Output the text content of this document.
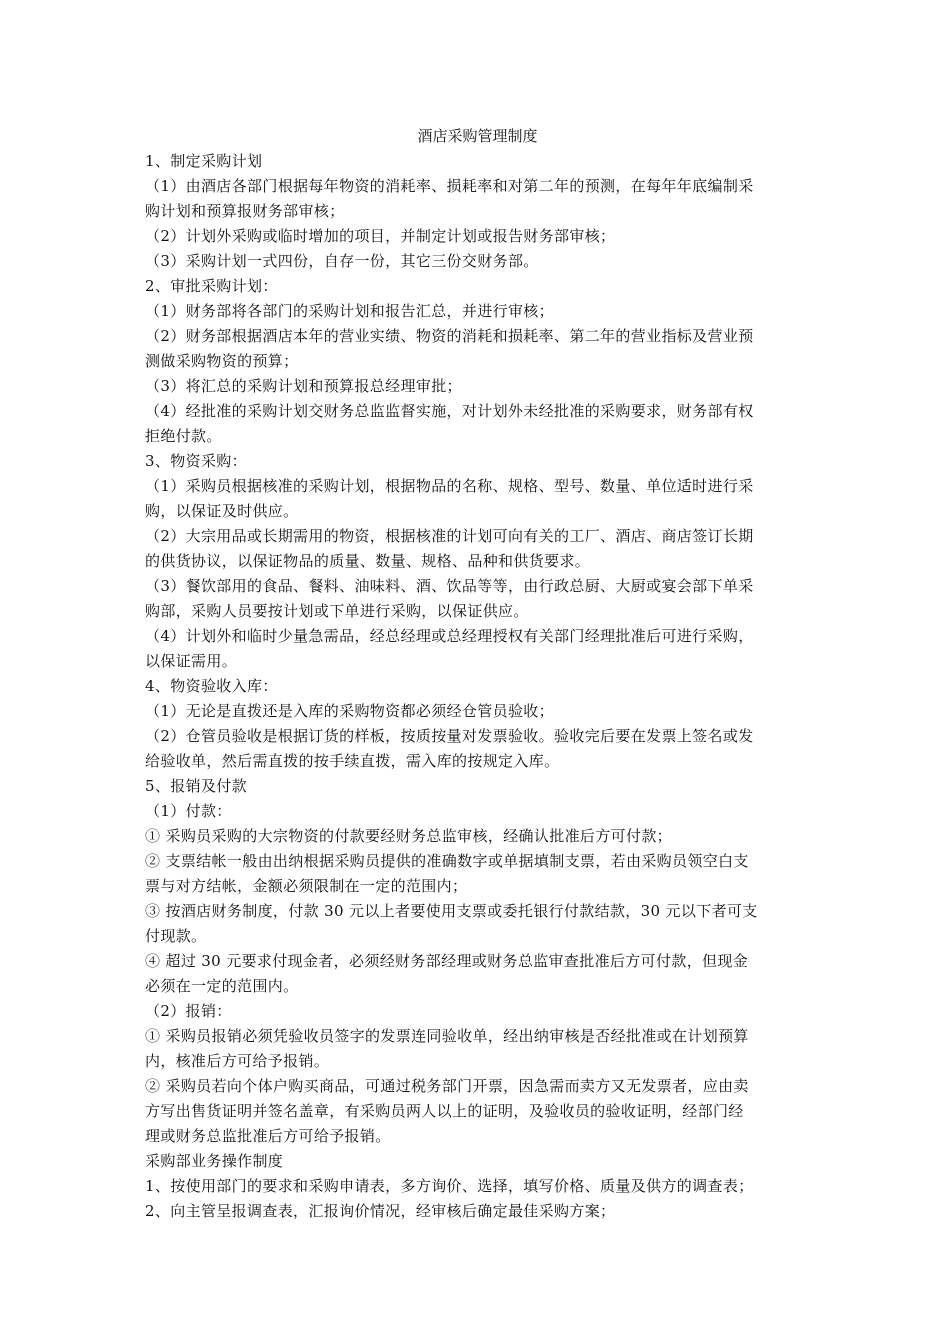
酒店采购管理制度
1、制定采购计划
（1）由酒店各部门根据每年物资的消耗率、损耗率和对第二年的预测，在每年年底编制采
购计划和预算报财务部审核；
（2）计划外采购或临时增加的项目，并制定计划或报告财务部审核；
（3）采购计划一式四份，自存一份，其它三份交财务部。
2、审批采购计划：
（1）财务部将各部门的采购计划和报告汇总，并进行审核；
（2）财务部根据酒店本年的营业实绩、物资的消耗和损耗率、第二年的营业指标及营业预
测做采购物资的预算；
（3）将汇总的采购计划和预算报总经理审批；
（4）经批准的采购计划交财务总监监督实施，对计划外未经批准的采购要求，财务部有权
拒绝付款。
3、物资采购：
（1）采购员根据核准的采购计划，根据物品的名称、规格、型号、数量、单位适时进行采
购，以保证及时供应。
（2）大宗用品或长期需用的物资，根据核准的计划可向有关的工厂、酒店、商店签订长期
的供货协议，以保证物品的质量、数量、规格、品种和供货要求。
（3）餐饮部用的食品、餐料、油味料、酒、饮品等等，由行政总厨、大厨或宴会部下单采
购部，采购人员要按计划或下单进行采购，以保证供应。
（4）计划外和临时少量急需品，经总经理或总经理授权有关部门经理批准后可进行采购，
以保证需用。
4、物资验收入库：
（1）无论是直拨还是入库的采购物资都必须经仓管员验收；
（2）仓管员验收是根据订货的样板，按质按量对发票验收。验收完后要在发票上签名或发
给验收单，然后需直拨的按手续直拨，需入库的按规定入库。
5、报销及付款
（1）付款：
① 采购员采购的大宗物资的付款要经财务总监审核，经确认批准后方可付款；
② 支票结帐一般由出纳根据采购员提供的准确数字或单据填制支票，若由采购员领空白支
票与对方结帐，金额必须限制在一定的范围内；
③ 按酒店财务制度，付款 30 元以上者要使用支票或委托银行付款结款，30 元以下者可支
付现款。
④ 超过 30 元要求付现金者，必须经财务部经理或财务总监审查批准后方可付款，但现金
必须在一定的范围内。
（2）报销：
① 采购员报销必须凭验收员签字的发票连同验收单，经出纳审核是否经批准或在计划预算
内，核准后方可给予报销。
② 采购员若向个体户购买商品，可通过税务部门开票，因急需而卖方又无发票者，应由卖
方写出售货证明并签名盖章，有采购员两人以上的证明，及验收员的验收证明，经部门经
理或财务总监批准后方可给予报销。
采购部业务操作制度
1、按使用部门的要求和采购申请表，多方询价、选择，填写价格、质量及供方的调查表；
2、向主管呈报调查表，汇报询价情况，经审核后确定最佳采购方案；
